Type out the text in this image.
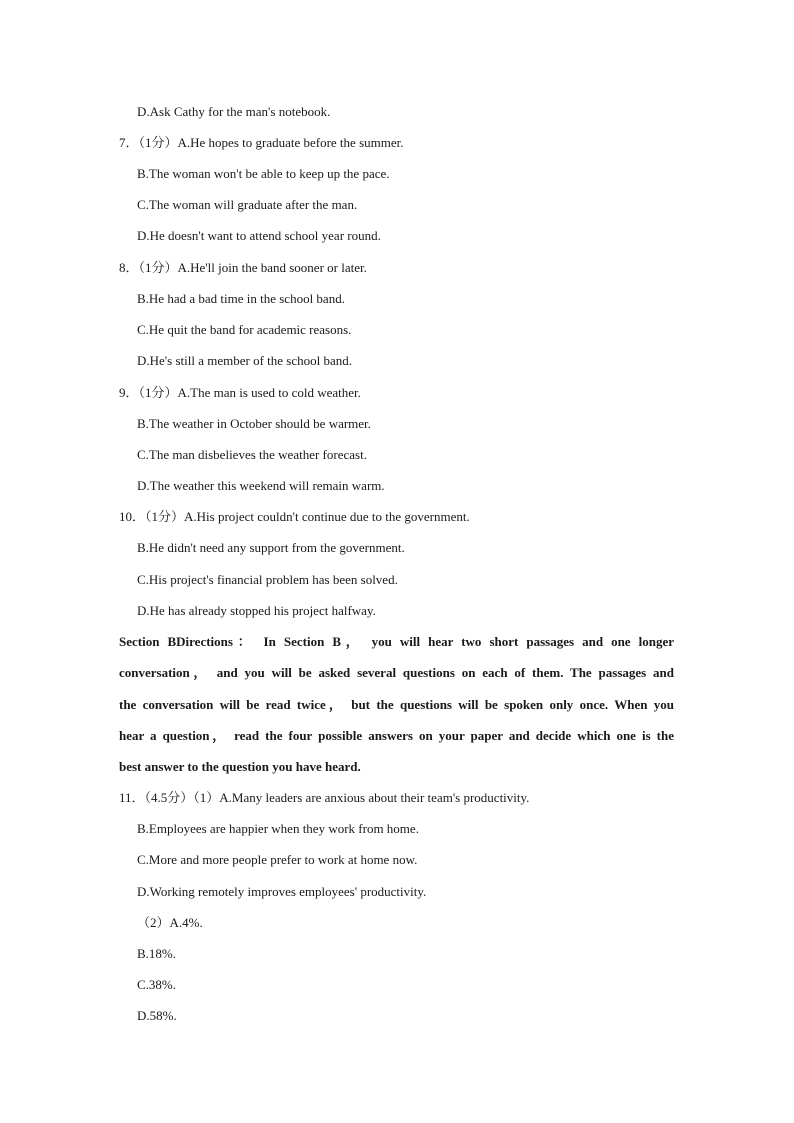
D.Ask Cathy for the man's notebook.
7．（1分）A.He hopes to graduate before the summer.
B.The woman won't be able to keep up the pace.
C.The woman will graduate after the man.
D.He doesn't want to attend school year round.
8．（1分）A.He'll join the band sooner or later.
B.He had a bad time in the school band.
C.He quit the band for academic reasons.
D.He's still a member of the school band.
9．（1分）A.The man is used to cold weather.
B.The weather in October should be warmer.
C.The man disbelieves the weather forecast.
D.The weather this weekend will remain warm.
10．（1分）A.His project couldn't continue due to the government.
B.He didn't need any support from the government.
C.His project's financial problem has been solved.
D.He has already stopped his project halfway.
Section BDirections： In Section B， you will hear two short passages and one longer
conversation， and you will be asked several questions on each of them. The passages and
the conversation will be read twice， but the questions will be spoken only once. When you
hear a question， read the four possible answers on your paper and decide which one is the
best answer to the question you have heard.
11．（4.5分）（1）A.Many leaders are anxious about their team's productivity.
B.Employees are happier when they work from home.
C.More and more people prefer to work at home now.
D.Working remotely improves employees' productivity.
（2）A.4%.
B.18%.
C.38%.
D.58%.
